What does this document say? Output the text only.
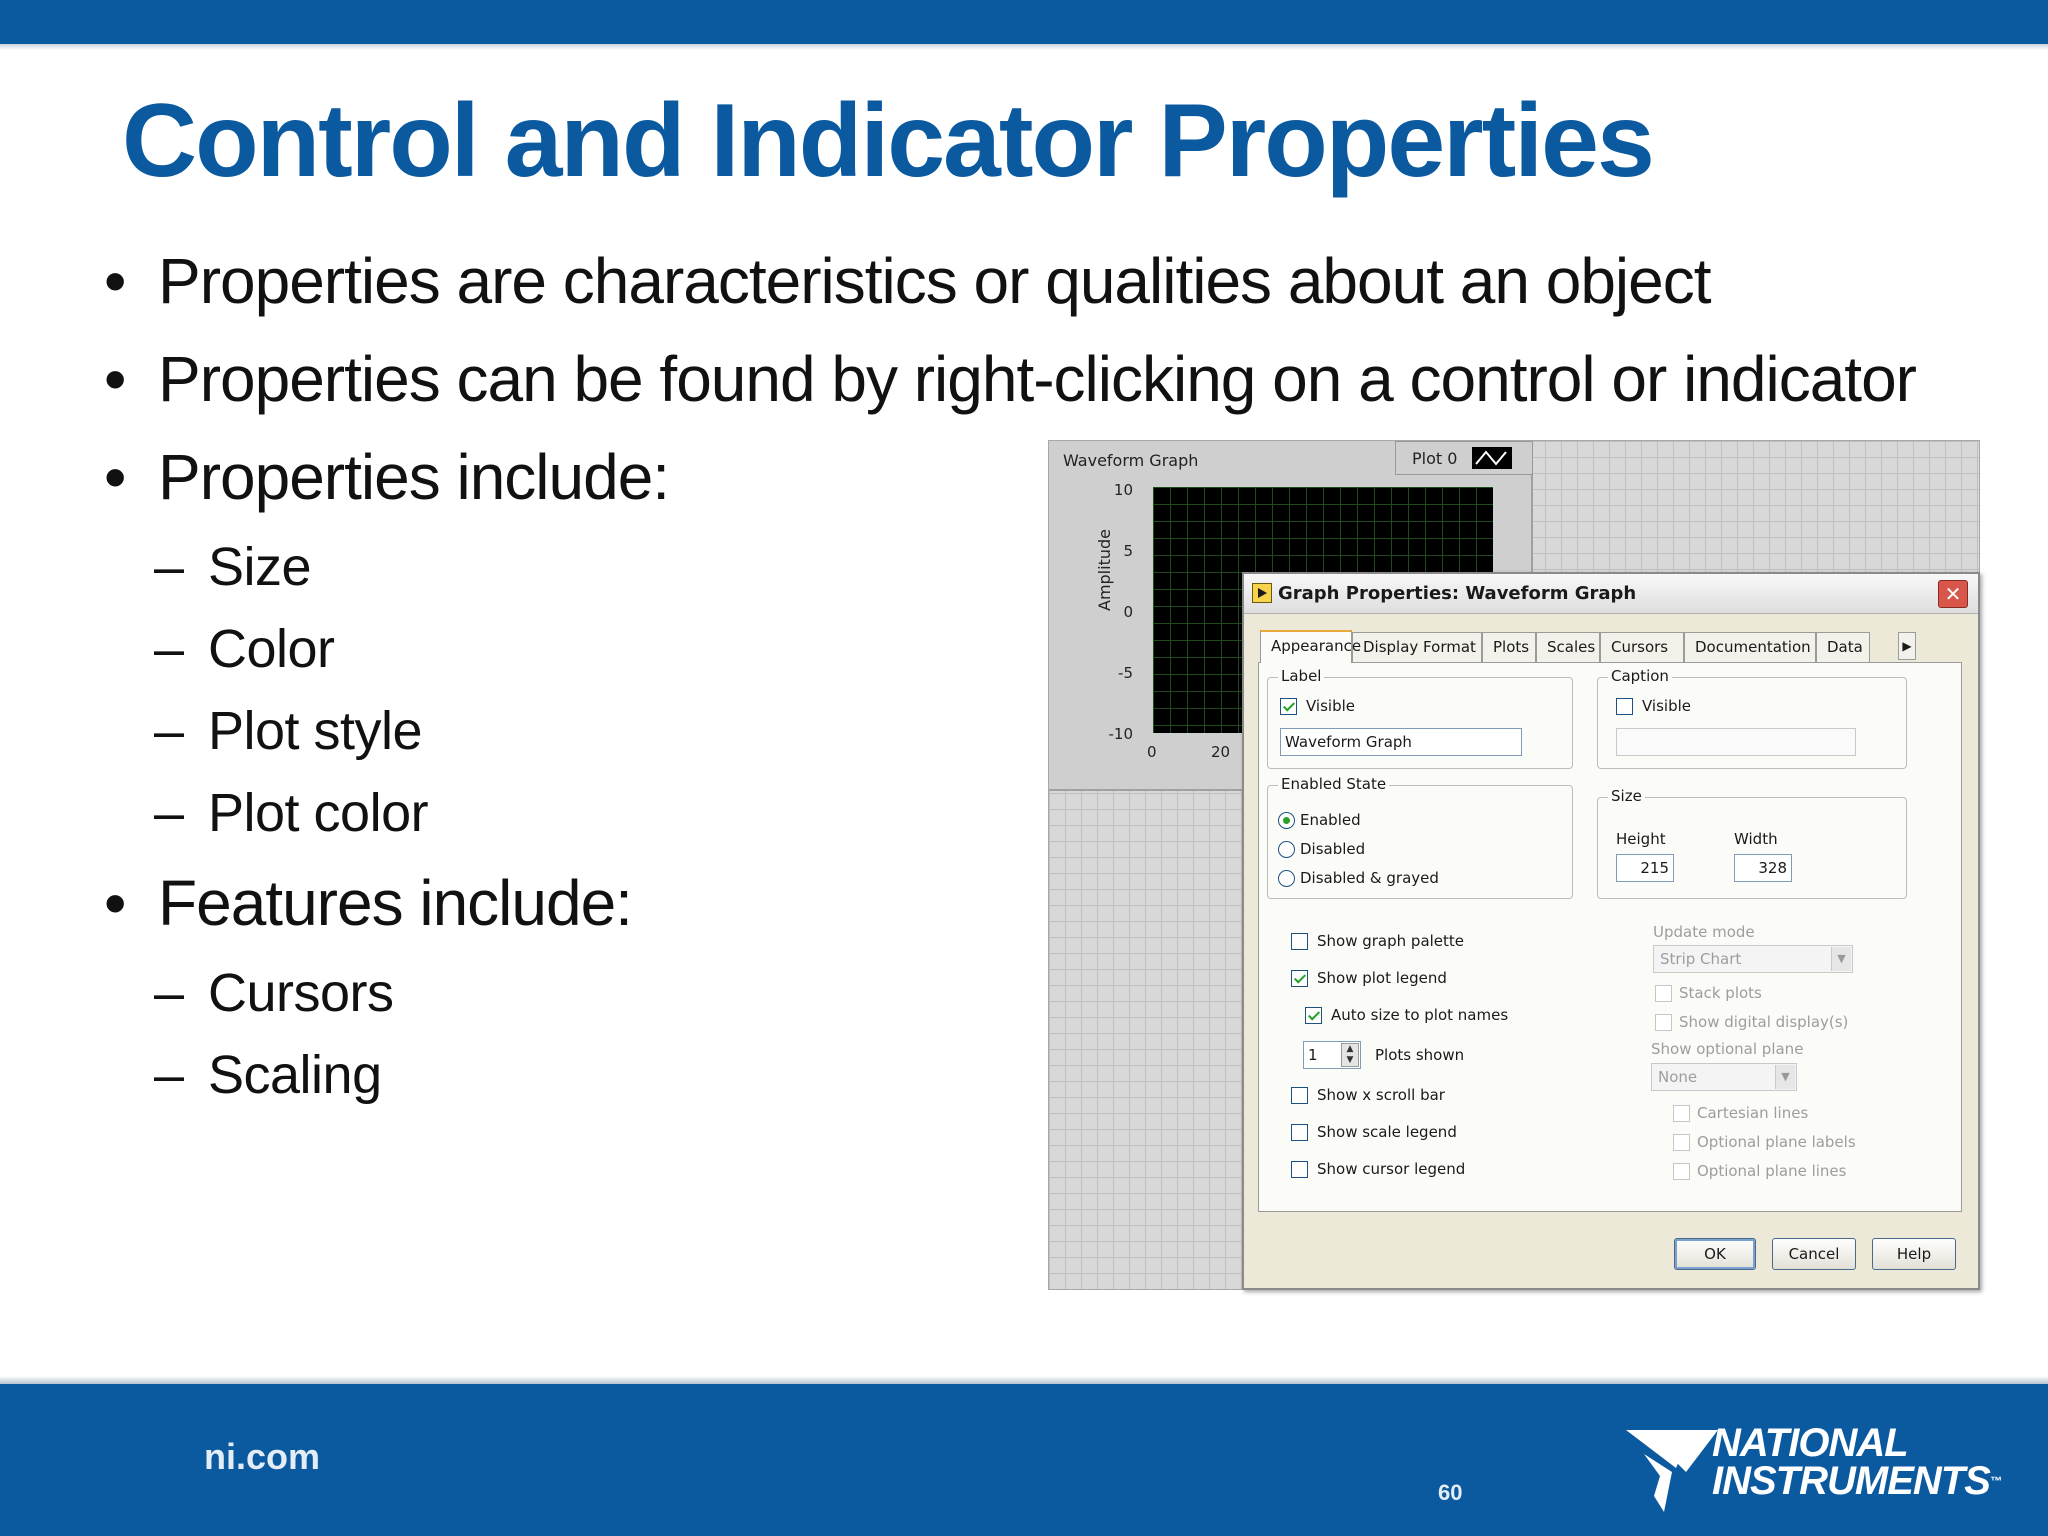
Control and Indicator Properties
• Properties are characteristics or qualities about an object
• Properties can be found by right-clicking on a control or indicator
• Properties include:
– Size
– Color
– Plot style
– Plot color
• Features include:
– Cursors
– Scaling
Waveform Graph	Plot 0
Amplitude
10
5
0
-5
-10
0	20
Graph Properties: Waveform Graph	✕
Appearance Display Format	Plots	Scales	Cursors	Documentation	Data	▶
Label
Visible
Waveform Graph
Caption
Visible
Enabled State
Enabled
Disabled
Disabled & grayed
Size
Height	Width
215	328
Show graph palette
Show plot legend
Auto size to plot names
1	▲
▼	Plots shown
Show x scroll bar
Show scale legend
Show cursor legend
Update mode
Strip Chart	▼
Stack plots
Show digital display(s)
Show optional plane
None	▼
Cartesian lines
Optional plane labels
Optional plane lines
OK	Cancel	Help
ni.com
60
NATIONAL
INSTRUMENTS™
